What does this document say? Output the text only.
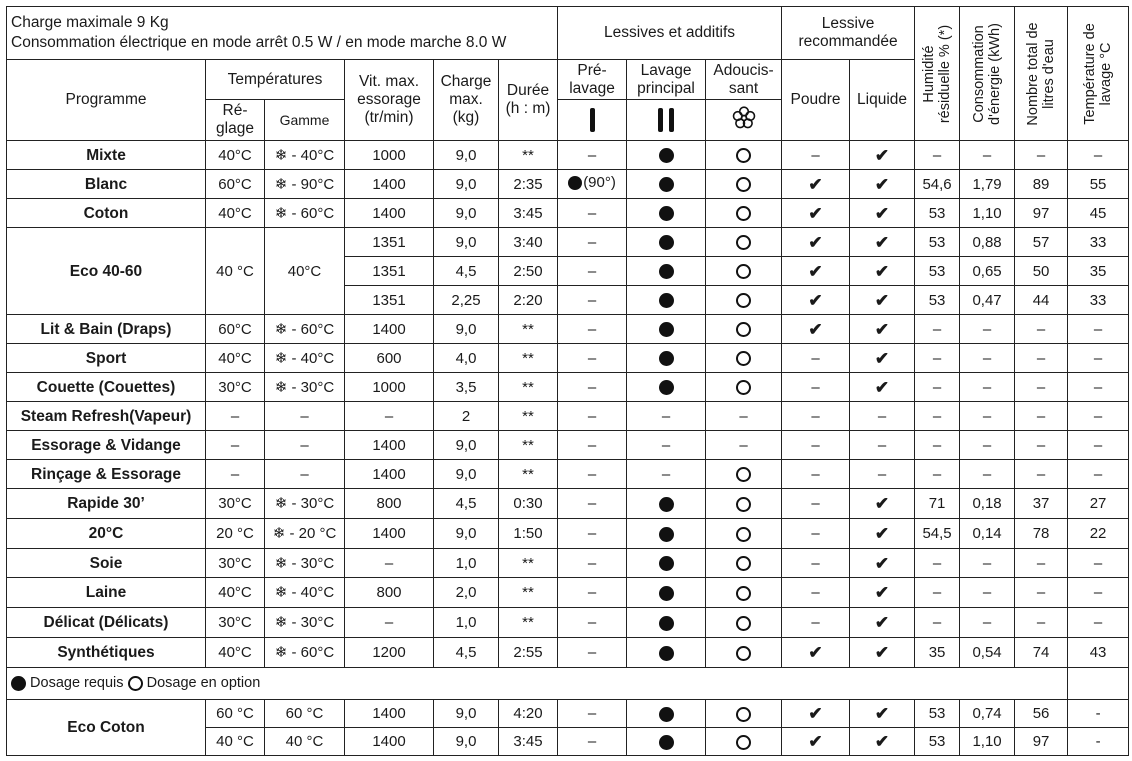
Charge maximale 9 Kg
Consommation électrique en mode arrêt 0.5 W / en mode marche 8.0 W						Lessives et additifs			Lessive recommandée		Humidité résiduelle % (*)	Consommation d'énergie (kWh)	Nombre total de litres d'eau	Température de lavage °C

Programme	Températures		Vit. max. essorage (tr/min)	Charge max. (kg)	Durée (h : m)	Pré-lavage	Lavage principal	Adoucis-sant	Poudre	Liquide				
	Ré-glage	Gamme			
Mixte	40°C	❄ - 40°C	1000	9,0	**	–			–	✔	–	–	–	–
Blanc	60°C	❄ - 90°C	1400	9,0	2:35	(90°)			✔	✔	54,6	1,79	89	55
Coton	40°C	❄ - 60°C	1400	9,0	3:45	–			✔	✔	53	1,10	97	45
Eco 40-60	40 °C	40°C	1351	9,0	3:40	–			✔	✔	53	0,88	57	33
			1351	4,5	2:50	–			✔	✔	53	0,65	50	35
			1351	2,25	2:20	–			✔	✔	53	0,47	44	33
Lit & Bain (Draps)	60°C	❄ - 60°C	1400	9,0	**	–			✔	✔	–	–	–	–
Sport	40°C	❄ - 40°C	600	4,0	**	–			–	✔	–	–	–	–
Couette (Couettes)	30°C	❄ - 30°C	1000	3,5	**	–			–	✔	–	–	–	–
Steam Refresh(Vapeur)	–	–	–	2	**	–	–	–	–	–	–	–	–	–
Essorage & Vidange	–	–	1400	9,0	**	–	–	–	–	–	–	–	–	–
Rinçage & Essorage	–	–	1400	9,0	**	–	–		–	–	–	–	–	–
Rapide 30’	30°C	❄ - 30°C	800	4,5	0:30	–			–	✔	71	0,18	37	27
20°C	20 °C	❄ - 20 °C	1400	9,0	1:50	–			–	✔	54,5	0,14	78	22
Soie	30°C	❄ - 30°C	–	1,0	**	–			–	✔	–	–	–	–
Laine	40°C	❄ - 40°C	800	2,0	**	–			–	✔	–	–	–	–
Délicat (Délicats)	30°C	❄ - 30°C	–	1,0	**	–			–	✔	–	–	–	–
Synthétiques	40°C	❄ - 60°C	1200	4,5	2:55	–			✔	✔	35	0,54	74	43
Dosage requis Dosage en option														
Eco Coton	60 °C	60 °C	1400	9,0	4:20	–			✔	✔	53	0,74	56	-
	40 °C	40 °C	1400	9,0	3:45	–			✔	✔	53	1,10	97	-
